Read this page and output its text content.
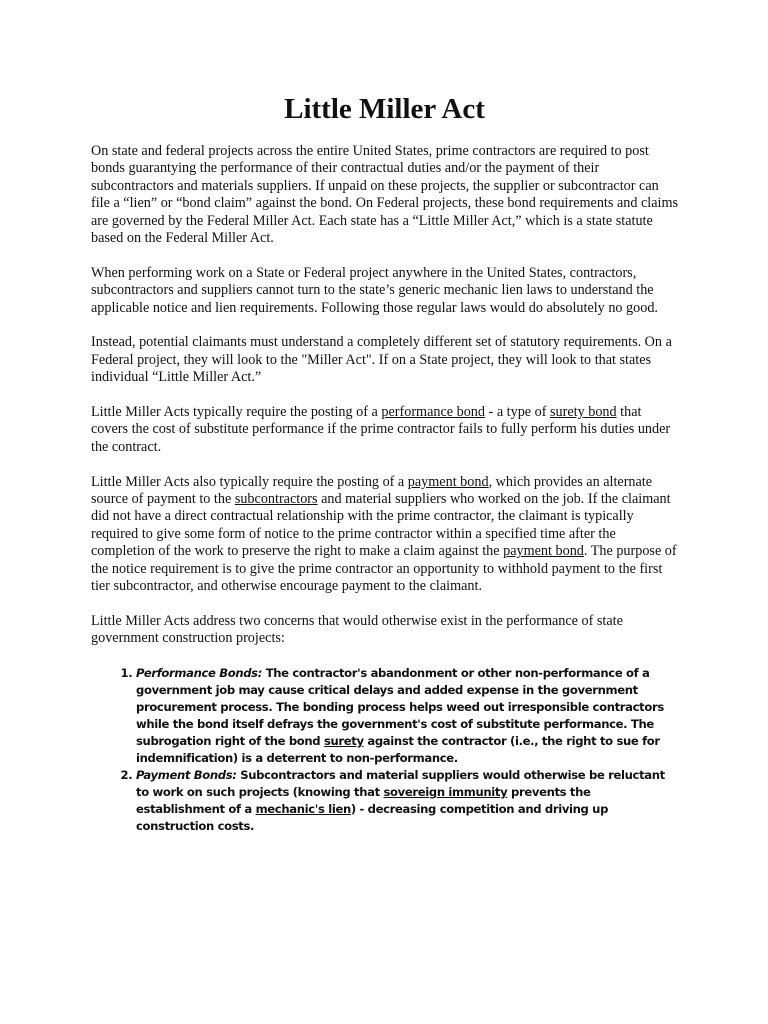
Little Miller Act

On state and federal projects across the entire United States, prime contractors are required to post bonds guarantying the performance of their contractual duties and/or the payment of their subcontractors and materials suppliers. If unpaid on these projects, the supplier or subcontractor can file a “lien” or “bond claim” against the bond. On Federal projects, these bond requirements and claims are governed by the Federal Miller Act. Each state has a “Little Miller Act,” which is a state statute based on the Federal Miller Act.

When performing work on a State or Federal project anywhere in the United States, contractors, subcontractors and suppliers cannot turn to the state’s generic mechanic lien laws to understand the applicable notice and lien requirements. Following those regular laws would do absolutely no good.

Instead, potential claimants must understand a completely different set of statutory requirements. On a Federal project, they will look to the "Miller Act". If on a State project, they will look to that states individual “Little Miller Act.”

Little Miller Acts typically require the posting of a performance bond - a type of surety bond that covers the cost of substitute performance if the prime contractor fails to fully perform his duties under the contract.

Little Miller Acts also typically require the posting of a payment bond, which provides an alternate source of payment to the subcontractors and material suppliers who worked on the job. If the claimant did not have a direct contractual relationship with the prime contractor, the claimant is typically required to give some form of notice to the prime contractor within a specified time after the completion of the work to preserve the right to make a claim against the payment bond. The purpose of the notice requirement is to give the prime contractor an opportunity to withhold payment to the first tier subcontractor, and otherwise encourage payment to the claimant.

Little Miller Acts address two concerns that would otherwise exist in the performance of state government construction projects:

1. Performance Bonds: The contractor's abandonment or other non-performance of a government job may cause critical delays and added expense in the government procurement process. The bonding process helps weed out irresponsible contractors while the bond itself defrays the government's cost of substitute performance. The subrogation right of the bond surety against the contractor (i.e., the right to sue for indemnification) is a deterrent to non-performance.
2. Payment Bonds: Subcontractors and material suppliers would otherwise be reluctant to work on such projects (knowing that sovereign immunity prevents the establishment of a mechanic's lien) - decreasing competition and driving up construction costs.
